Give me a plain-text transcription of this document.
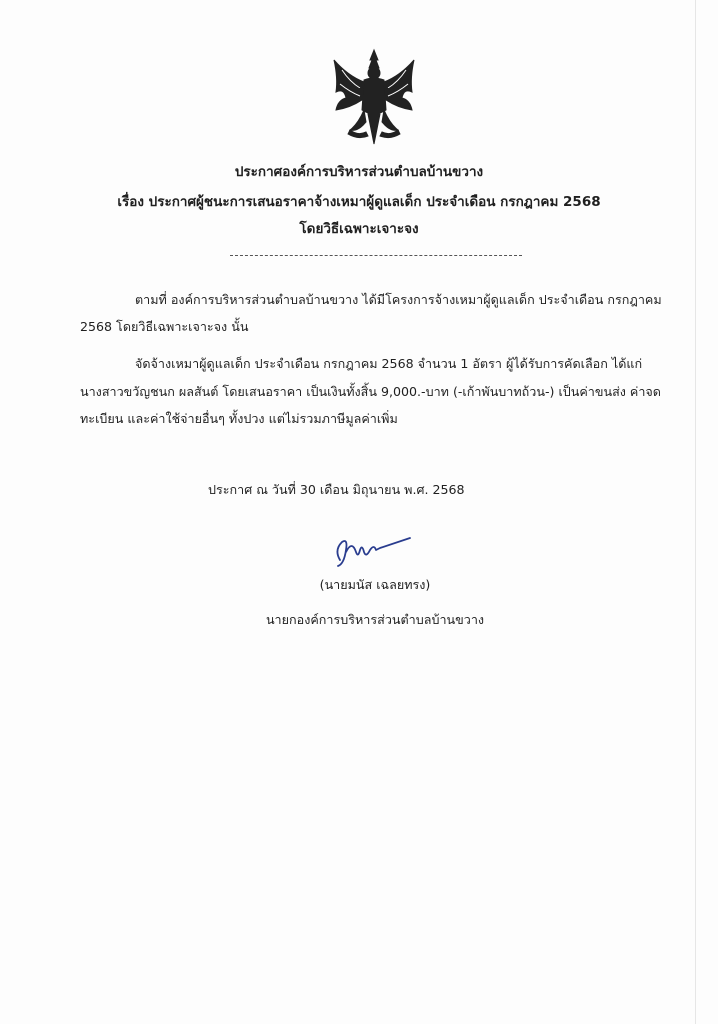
ประกาศองค์การบริหารส่วนตำบลบ้านขวาง
เรื่อง ประกาศผู้ชนะการเสนอราคาจ้างเหมาผู้ดูแลเด็ก ประจำเดือน กรกฎาคม 2568
โดยวิธีเฉพาะเจาะจง
ตามที่ องค์การบริหารส่วนตำบลบ้านขวาง ได้มีโครงการจ้างเหมาผู้ดูแลเด็ก ประจำเดือน กรกฎาคม
2568 โดยวิธีเฉพาะเจาะจง นั้น
จัดจ้างเหมาผู้ดูแลเด็ก ประจำเดือน กรกฎาคม 2568 จำนวน 1 อัตรา ผู้ได้รับการคัดเลือก ได้แก่
นางสาวขวัญชนก ผลสันต์ โดยเสนอราคา เป็นเงินทั้งสิ้น 9,000.-บาท (-เก้าพันบาทถ้วน-) เป็นค่าขนส่ง ค่าจด
ทะเบียน และค่าใช้จ่ายอื่นๆ ทั้งปวง แต่ไม่รวมภาษีมูลค่าเพิ่ม
ประกาศ ณ วันที่ 30 เดือน มิถุนายน พ.ศ. 2568
(นายมนัส เฉลยทรง)
นายกองค์การบริหารส่วนตำบลบ้านขวาง
